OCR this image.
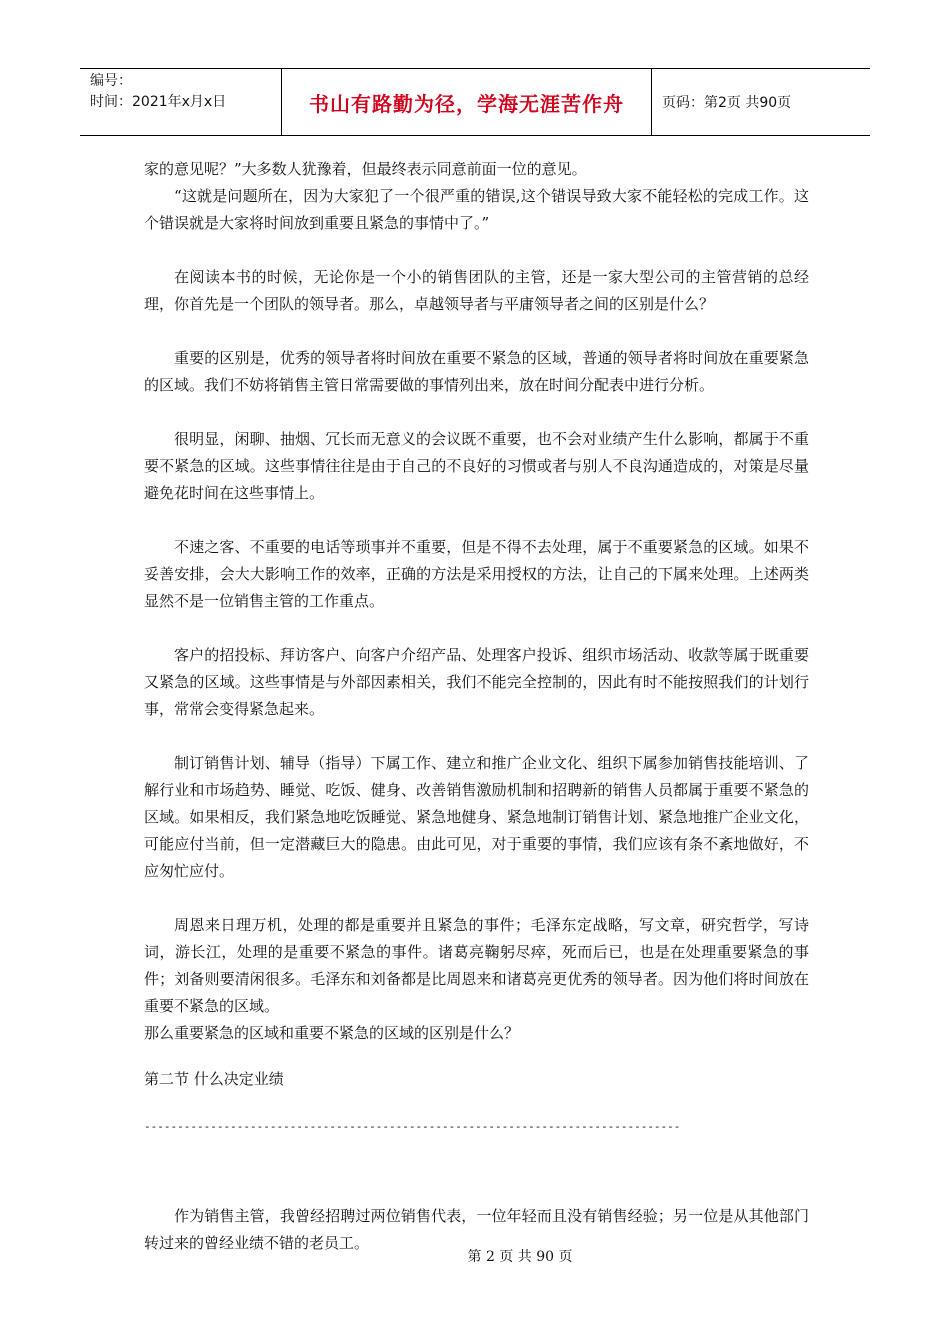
编号：
时间：2021年x月x日	书山有路勤为径，学海无涯苦作舟	页码：第2页 共90页

家的意见呢？”大多数人犹豫着，但最终表示同意前面一位的意见。

“这就是问题所在，因为大家犯了一个很严重的错误,这个错误导致大家不能轻松的完成工作。这个错误就是大家将时间放到重要且紧急的事情中了。”

在阅读本书的时候，无论你是一个小的销售团队的主管，还是一家大型公司的主管营销的总经理，你首先是一个团队的领导者。那么，卓越领导者与平庸领导者之间的区别是什么？

重要的区别是，优秀的领导者将时间放在重要不紧急的区域，普通的领导者将时间放在重要紧急的区域。我们不妨将销售主管日常需要做的事情列出来，放在时间分配表中进行分析。

很明显，闲聊、抽烟、冗长而无意义的会议既不重要，也不会对业绩产生什么影响，都属于不重要不紧急的区域。这些事情往往是由于自己的不良好的习惯或者与别人不良沟通造成的，对策是尽量避免花时间在这些事情上。

不速之客、不重要的电话等琐事并不重要，但是不得不去处理，属于不重要紧急的区域。如果不妥善安排，会大大影响工作的效率，正确的方法是采用授权的方法，让自己的下属来处理。上述两类显然不是一位销售主管的工作重点。

客户的招投标、拜访客户、向客户介绍产品、处理客户投诉、组织市场活动、收款等属于既重要又紧急的区域。这些事情是与外部因素相关，我们不能完全控制的，因此有时不能按照我们的计划行事，常常会变得紧急起来。

制订销售计划、辅导（指导）下属工作、建立和推广企业文化、组织下属参加销售技能培训、了解行业和市场趋势、睡觉、吃饭、健身、改善销售激励机制和招聘新的销售人员都属于重要不紧急的区域。如果相反，我们紧急地吃饭睡觉、紧急地健身、紧急地制订销售计划、紧急地推广企业文化，可能应付当前，但一定潜藏巨大的隐患。由此可见，对于重要的事情，我们应该有条不紊地做好，不应匆忙应付。

周恩来日理万机，处理的都是重要并且紧急的事件；毛泽东定战略，写文章，研究哲学，写诗词，游长江，处理的是重要不紧急的事件。诸葛亮鞠躬尽瘁，死而后已，也是在处理重要紧急的事件；刘备则要清闲很多。毛泽东和刘备都是比周恩来和诸葛亮更优秀的领导者。因为他们将时间放在重要不紧急的区域。

那么重要紧急的区域和重要不紧急的区域的区别是什么？

第二节 什么决定业绩

---------------------------------------------------------------------------------

作为销售主管，我曾经招聘过两位销售代表，一位年轻而且没有销售经验；另一位是从其他部门转过来的曾经业绩不错的老员工。

第 2 页 共 90 页
